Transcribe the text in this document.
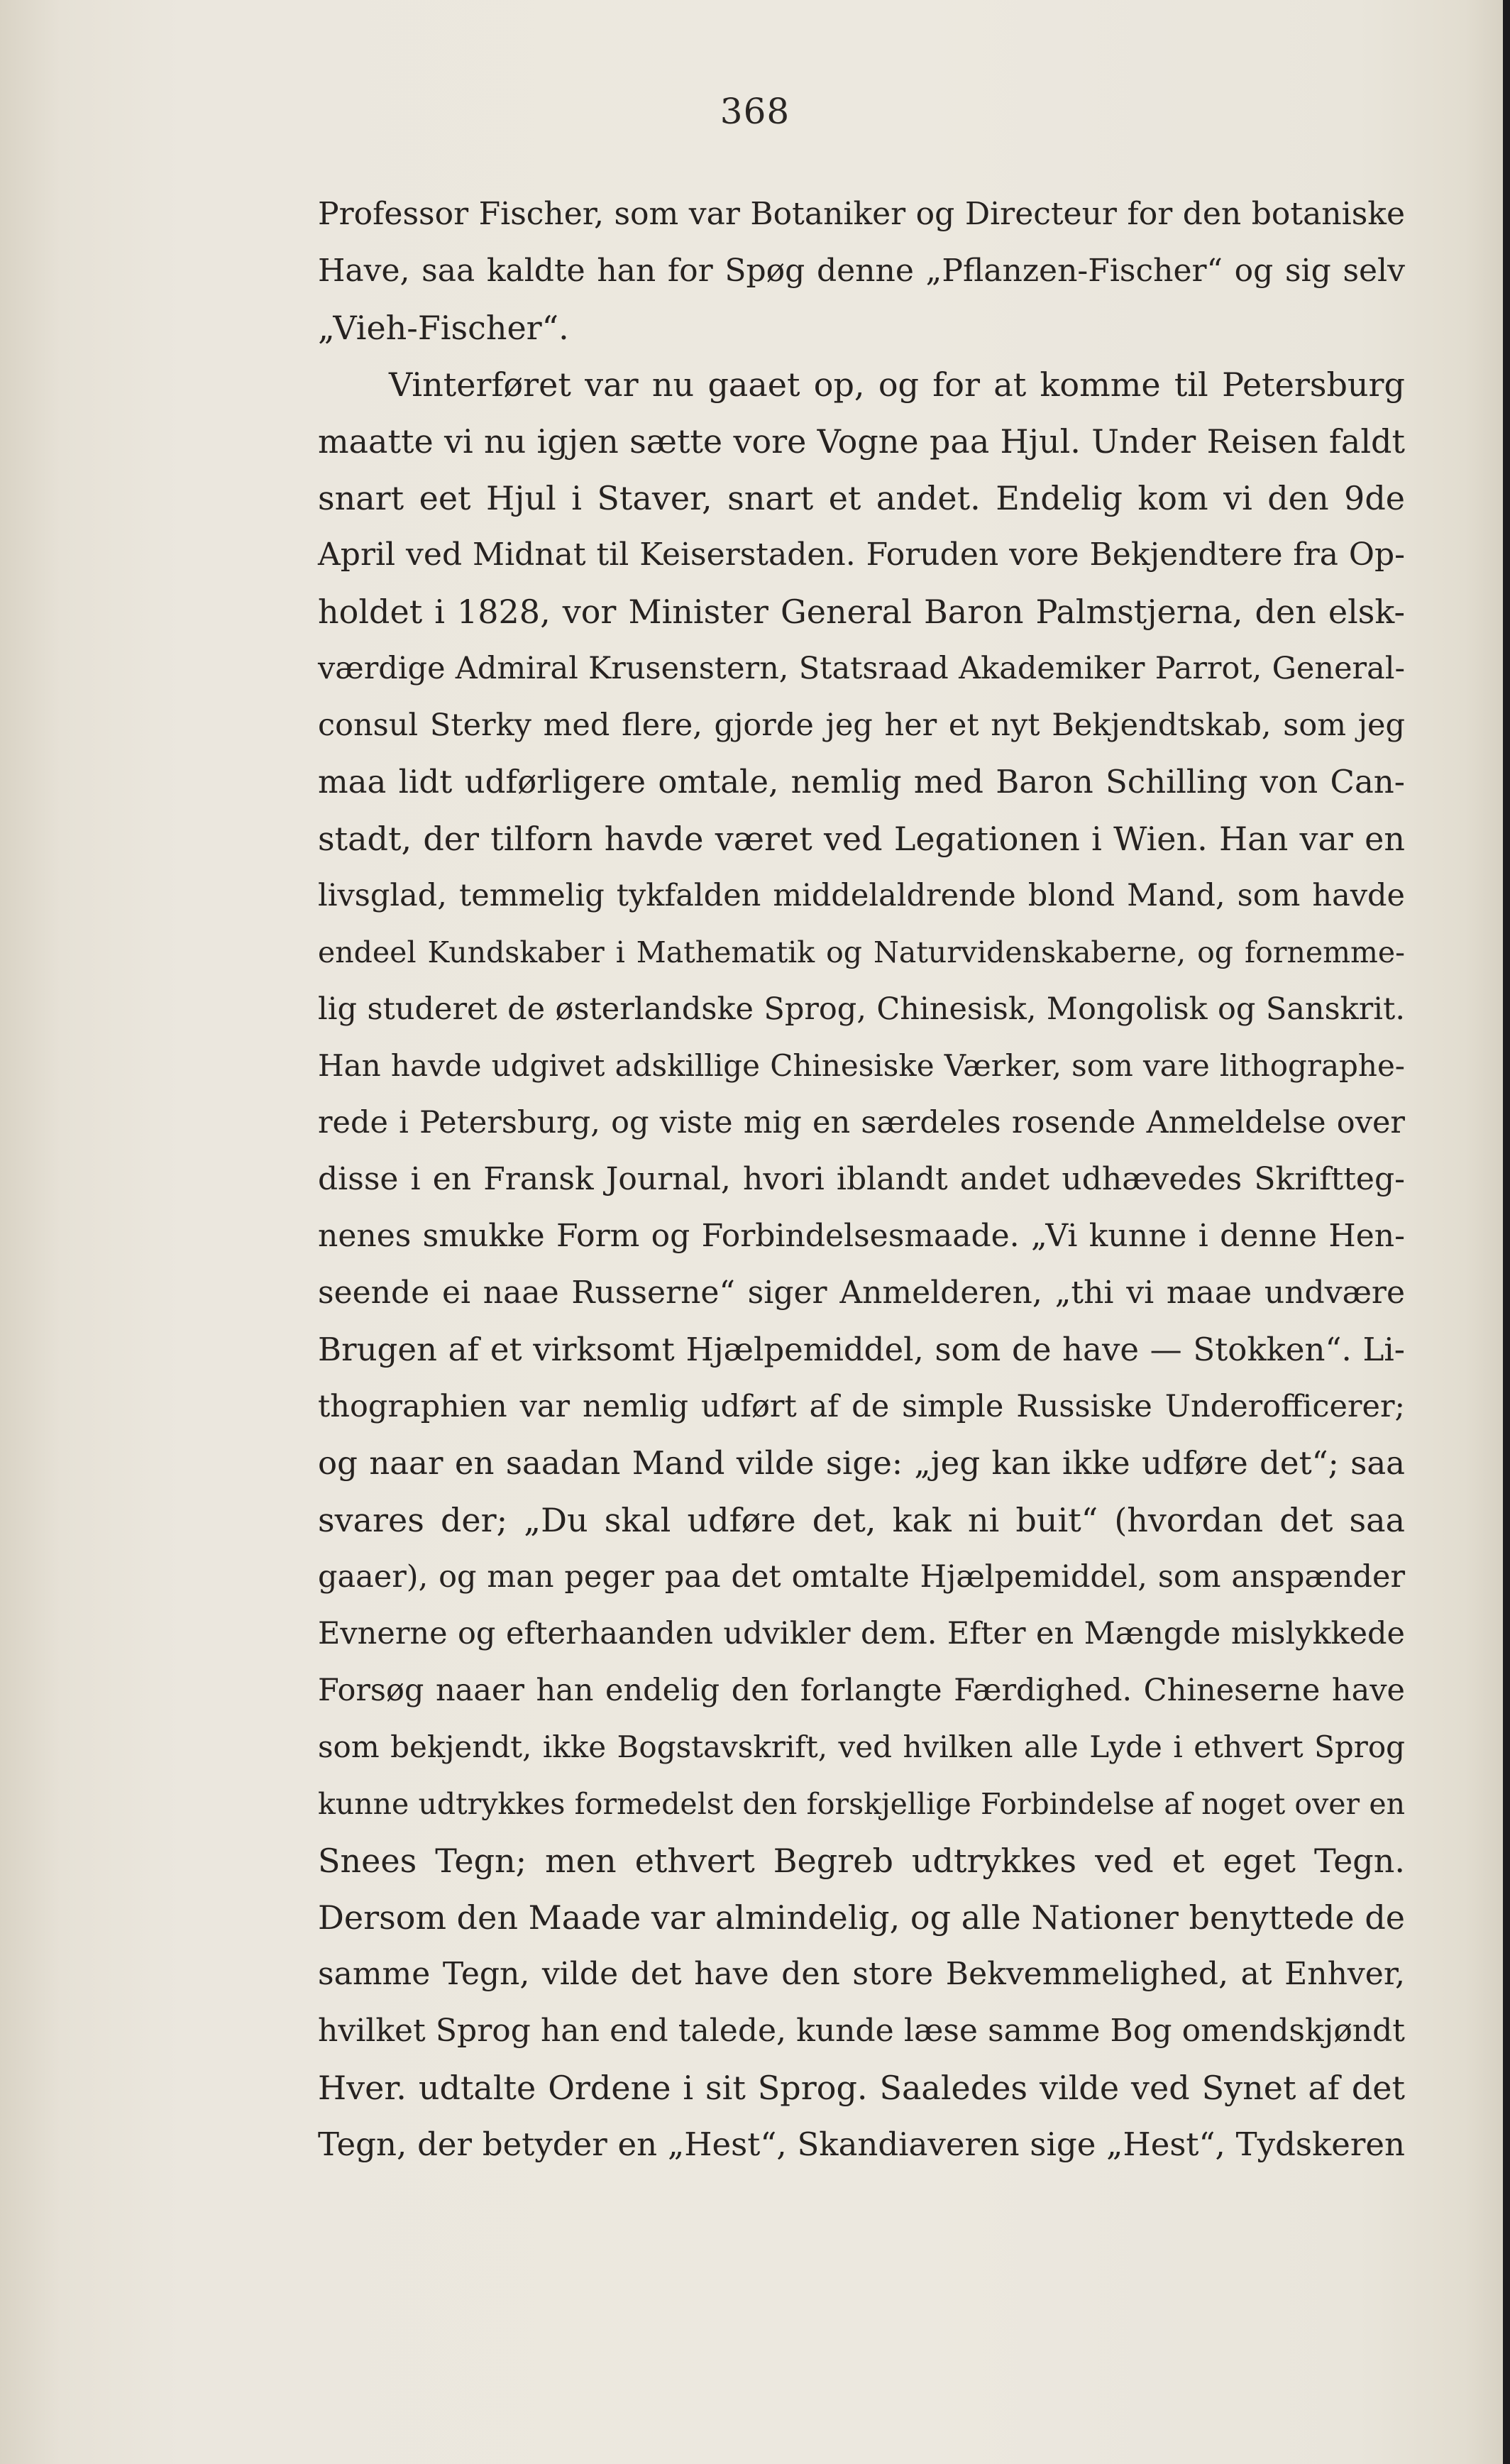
368
Professor Fischer, som var Botaniker og Directeur for den botaniske
Have, saa kaldte han for Spøg denne „Pflanzen-Fischer“ og sig selv
„Vieh-Fischer“.
Vinterføret var nu gaaet op, og for at komme til Petersburg
maatte vi nu igjen sætte vore Vogne paa Hjul. Under Reisen faldt
snart eet Hjul i Staver, snart et andet. Endelig kom vi den 9de
April ved Midnat til Keiserstaden. Foruden vore Bekjendtere fra Op-
holdet i 1828, vor Minister General Baron Palmstjerna, den elsk-
værdige Admiral Krusenstern, Statsraad Akademiker Parrot, General-
consul Sterky med flere, gjorde jeg her et nyt Bekjendtskab, som jeg
maa lidt udførligere omtale, nemlig med Baron Schilling von Can-
stadt, der tilforn havde været ved Legationen i Wien. Han var en
livsglad, temmelig tykfalden middelaldrende blond Mand, som havde
endeel Kundskaber i Mathematik og Naturvidenskaberne, og fornemme-
lig studeret de østerlandske Sprog, Chinesisk, Mongolisk og Sanskrit.
Han havde udgivet adskillige Chinesiske Værker, som vare lithographe-
rede i Petersburg, og viste mig en særdeles rosende Anmeldelse over
disse i en Fransk Journal, hvori iblandt andet udhævedes Skriftteg-
nenes smukke Form og Forbindelsesmaade. „Vi kunne i denne Hen-
seende ei naae Russerne“ siger Anmelderen, „thi vi maae undvære
Brugen af et virksomt Hjælpemiddel, som de have — Stokken“. Li-
thographien var nemlig udført af de simple Russiske Underofficerer;
og naar en saadan Mand vilde sige: „jeg kan ikke udføre det“; saa
svares der; „Du skal udføre det, kak ni buit“ (hvordan det saa
gaaer), og man peger paa det omtalte Hjælpemiddel, som anspænder
Evnerne og efterhaanden udvikler dem. Efter en Mængde mislykkede
Forsøg naaer han endelig den forlangte Færdighed. Chineserne have
som bekjendt, ikke Bogstavskrift, ved hvilken alle Lyde i ethvert Sprog
kunne udtrykkes formedelst den forskjellige Forbindelse af noget over en
Snees Tegn; men ethvert Begreb udtrykkes ved et eget Tegn.
Dersom den Maade var almindelig, og alle Nationer benyttede de
samme Tegn, vilde det have den store Bekvemmelighed, at Enhver,
hvilket Sprog han end talede, kunde læse samme Bog omendskjøndt
Hver. udtalte Ordene i sit Sprog. Saaledes vilde ved Synet af det
Tegn, der betyder en „Hest“, Skandiaveren sige „Hest“, Tydskeren
